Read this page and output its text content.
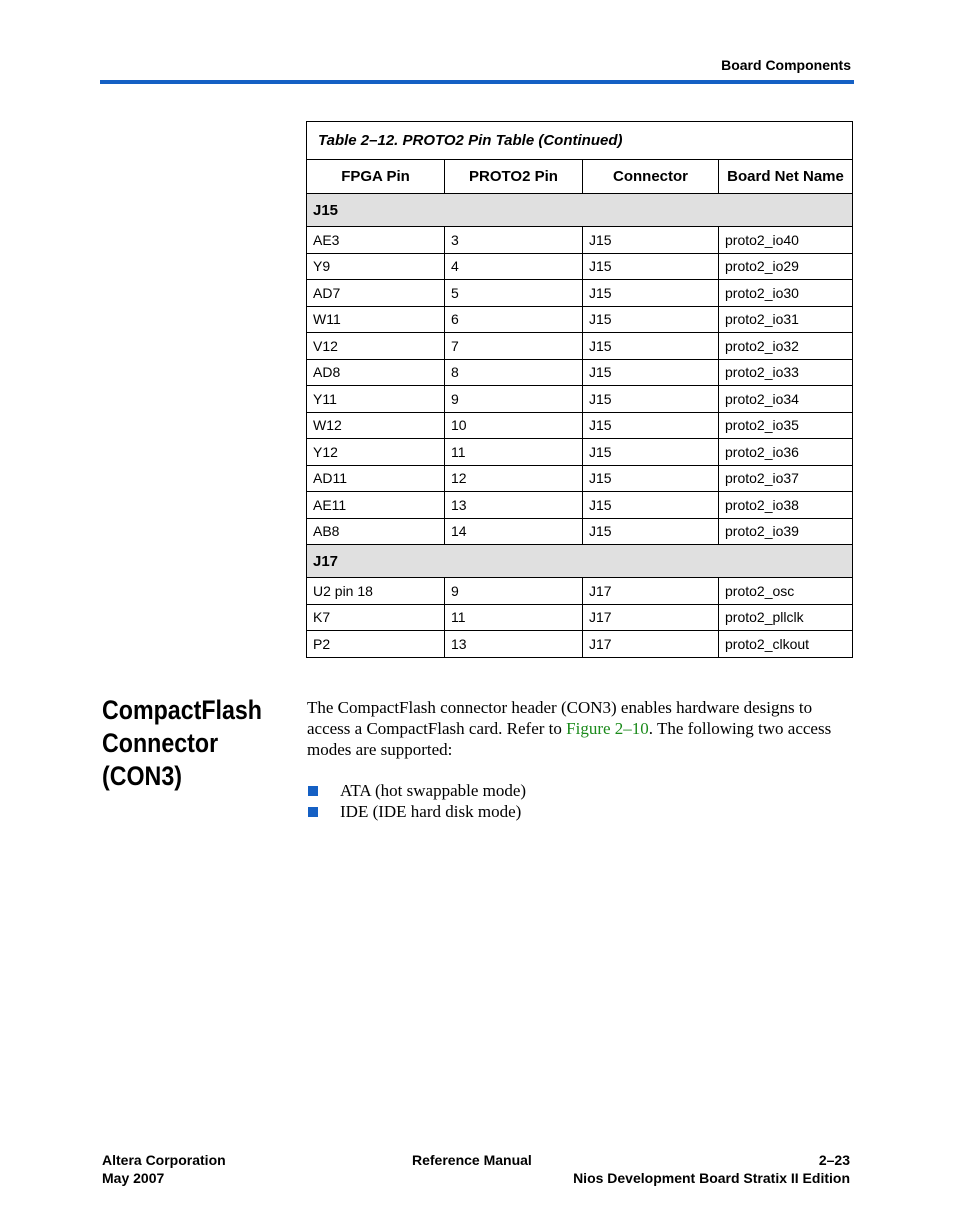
Board Components
Table 2–12. PROTO2 Pin Table (Continued)			
FPGA Pin	PROTO2 Pin	Connector	Board Net Name
J15			
AE3	3	J15	proto2_io40
Y9	4	J15	proto2_io29
AD7	5	J15	proto2_io30
W11	6	J15	proto2_io31
V12	7	J15	proto2_io32
AD8	8	J15	proto2_io33
Y11	9	J15	proto2_io34
W12	10	J15	proto2_io35
Y12	11	J15	proto2_io36
AD11	12	J15	proto2_io37
AE11	13	J15	proto2_io38
AB8	14	J15	proto2_io39
J17			
U2 pin 18	9	J17	proto2_osc
K7	11	J17	proto2_pllclk
P2	13	J17	proto2_clkout
CompactFlash Connector (CON3)

The CompactFlash connector header (CON3) enables hardware designs to access a CompactFlash card. Refer to Figure 2–10. The following two access modes are supported:

ATA (hot swappable mode)
IDE (IDE hard disk mode)
Altera Corporation
May 2007
Reference Manual	2–23
Nios Development Board Stratix II Edition
